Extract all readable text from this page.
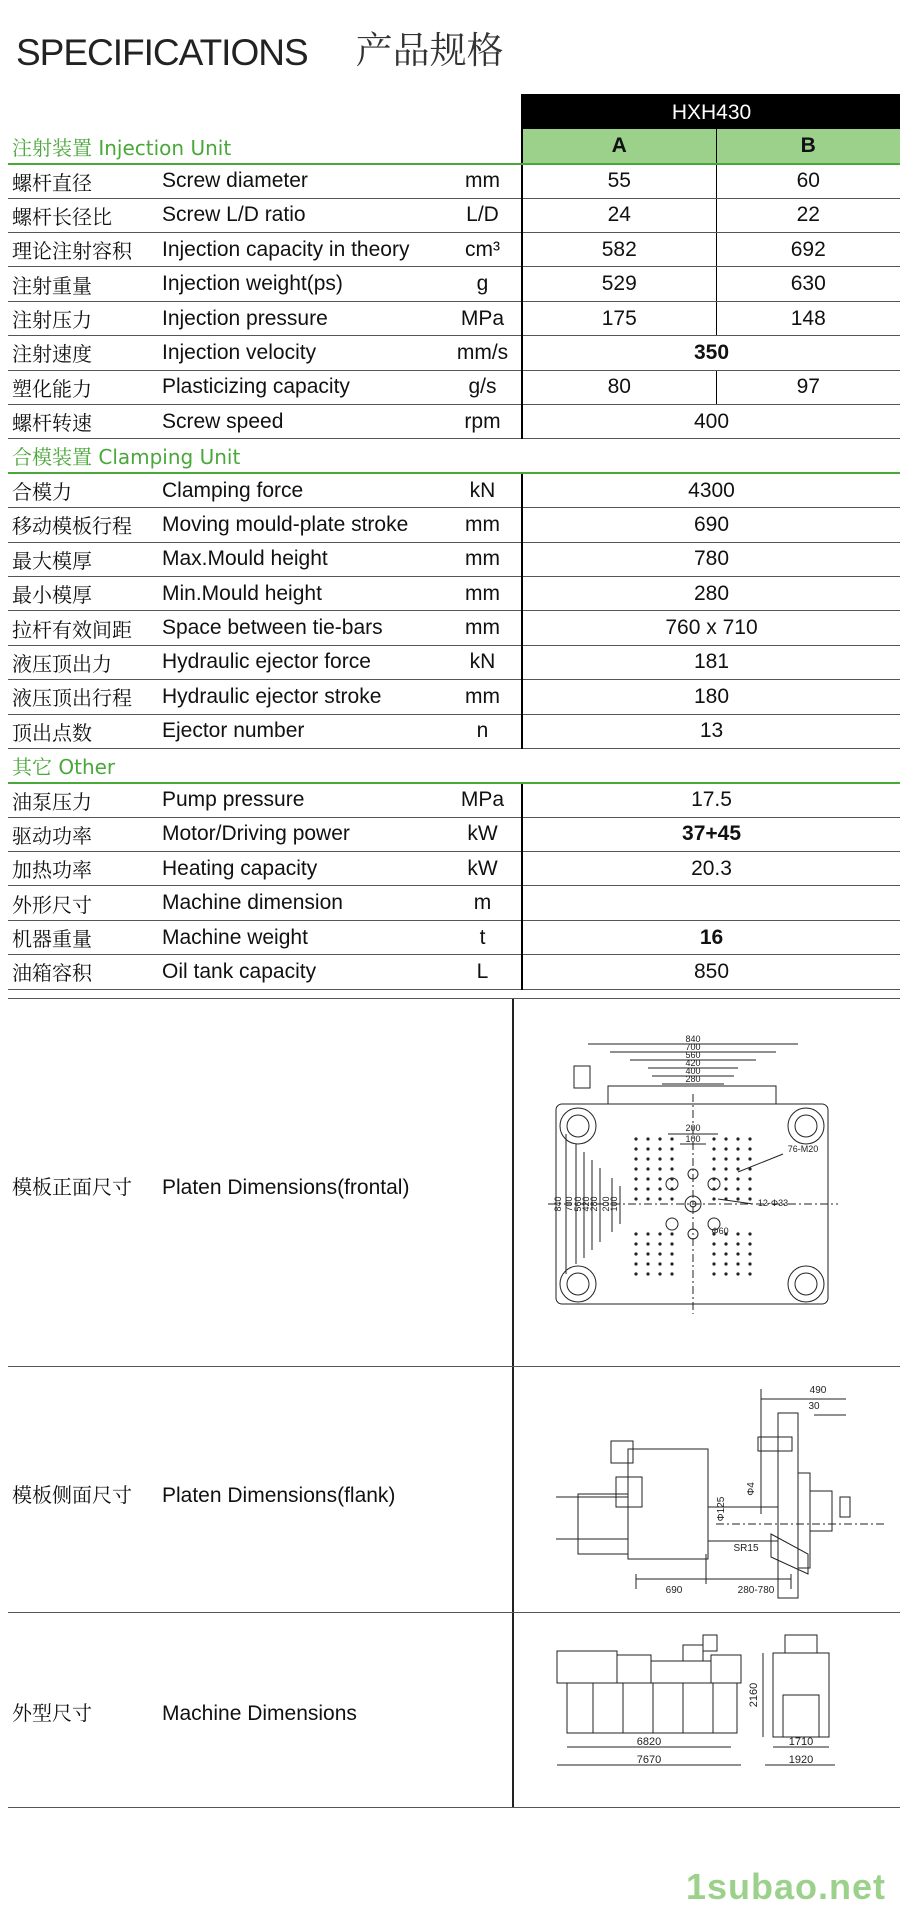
SPECIFICATIONS 产品规格
			HXH430	
注射装置 Injection Unit			A	B
螺杆直径	Screw diameter	mm	55	60
螺杆长径比	Screw L/D ratio	L/D	24	22
理论注射容积	Injection capacity in theory	cm³	582	692
注射重量	Injection weight(ps)	g	529	630
注射压力	Injection pressure	MPa	175	148
注射速度	Injection velocity	mm/s	350	
塑化能力	Plasticizing capacity	g/s	80	97
螺杆转速	Screw speed	rpm	400	
合模装置 Clamping Unit				
合模力	Clamping force	kN	4300	
移动模板行程	Moving mould-plate stroke	mm	690	
最大模厚	Max.Mould height	mm	780	
最小模厚	Min.Mould height	mm	280	
拉杆有效间距	Space between tie-bars	mm	760 x 710	
液压顶出力	Hydraulic ejector force	kN	181	
液压顶出行程	Hydraulic ejector stroke	mm	180	
顶出点数	Ejector number	n	13	
其它 Other				
油泵压力	Pump pressure	MPa	17.5	
驱动功率	Motor/Driving power	kW	37+45	
加热功率	Heating capacity	kW	20.3	
外形尺寸	Machine dimension	m		
机器重量	Machine weight	t	16	
油箱容积	Oil tank capacity	L	850	
模板正面尺寸 Platen Dimensions(frontal)
840
700
560
420
400
280
200
100
76-M20
12-Φ33
Φ60
840 700 560
420
280 200
100
模板侧面尺寸 Platen Dimensions(flank)
490
30
Φ4
Φ125
SR15
690	280-780
外型尺寸	Machine Dimensions
2160
6820
7670
1710
1920
1subao.net
